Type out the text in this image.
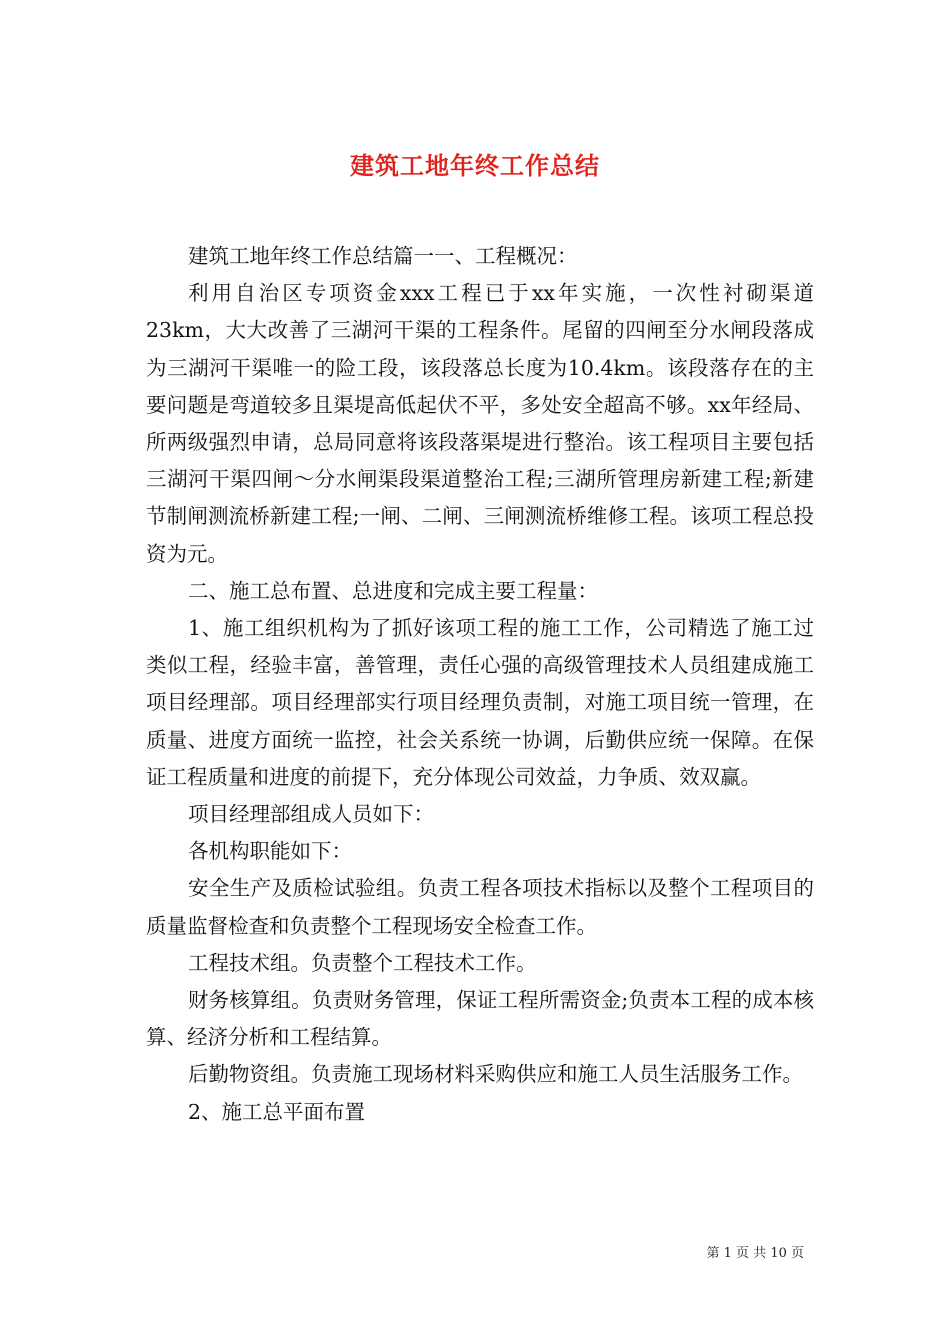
建筑工地年终工作总结

建筑工地年终工作总结篇一一、工程概况：

利用自治区专项资金xxx工程已于xx年实施，一次性衬砌渠道23km，大大改善了三湖河干渠的工程条件。尾留的四闸至分水闸段落成为三湖河干渠唯一的险工段，该段落总长度为10.4km。该段落存在的主要问题是弯道较多且渠堤高低起伏不平，多处安全超高不够。xx年经局、所两级强烈申请，总局同意将该段落渠堤进行整治。该工程项目主要包括三湖河干渠四闸～分水闸渠段渠道整治工程;三湖所管理房新建工程;新建节制闸测流桥新建工程;一闸、二闸、三闸测流桥维修工程。该项工程总投资为元。

二、施工总布置、总进度和完成主要工程量：

1、施工组织机构为了抓好该项工程的施工工作，公司精选了施工过类似工程，经验丰富，善管理，责任心强的高级管理技术人员组建成施工项目经理部。项目经理部实行项目经理负责制，对施工项目统一管理，在质量、进度方面统一监控，社会关系统一协调，后勤供应统一保障。在保证工程质量和进度的前提下，充分体现公司效益，力争质、效双赢。

项目经理部组成人员如下：

各机构职能如下：

安全生产及质检试验组。负责工程各项技术指标以及整个工程项目的质量监督检查和负责整个工程现场安全检查工作。

工程技术组。负责整个工程技术工作。

财务核算组。负责财务管理，保证工程所需资金;负责本工程的成本核算、经济分析和工程结算。

后勤物资组。负责施工现场材料采购供应和施工人员生活服务工作。

2、施工总平面布置

第 1 页 共 10 页
